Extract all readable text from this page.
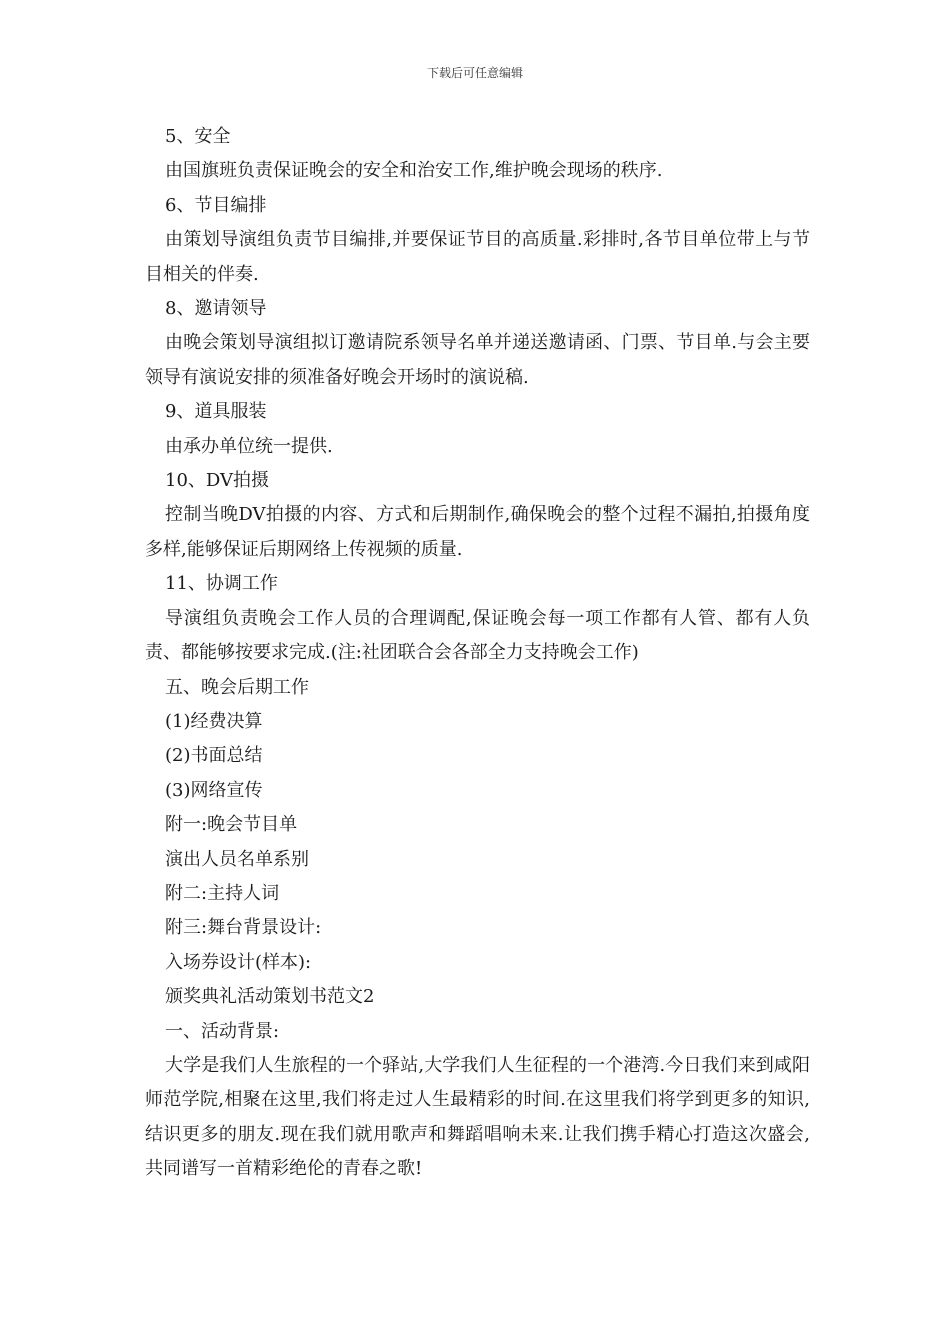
下载后可任意编辑

5、安全

由国旗班负责保证晚会的安全和治安工作,维护晚会现场的秩序.

6、节目编排

由策划导演组负责节目编排,并要保证节目的高质量.彩排时,各节目单位带上与节目相关的伴奏.

8、邀请领导

由晚会策划导演组拟订邀请院系领导名单并递送邀请函、门票、节目单.与会主要领导有演说安排的须准备好晚会开场时的演说稿.

9、道具服装

由承办单位统一提供.

10、DV拍摄

控制当晚DV拍摄的内容、方式和后期制作,确保晚会的整个过程不漏拍,拍摄角度多样,能够保证后期网络上传视频的质量.

11、协调工作

导演组负责晚会工作人员的合理调配,保证晚会每一项工作都有人管、都有人负责、都能够按要求完成.(注:社团联合会各部全力支持晚会工作)

五、晚会后期工作

(1)经费决算

(2)书面总结

(3)网络宣传

附一:晚会节目单

演出人员名单系别

附二:主持人词

附三:舞台背景设计:

入场券设计(样本):

颁奖典礼活动策划书范文2

一、活动背景:

大学是我们人生旅程的一个驿站,大学我们人生征程的一个港湾.今日我们来到咸阳师范学院,相聚在这里,我们将走过人生最精彩的时间.在这里我们将学到更多的知识,结识更多的朋友.现在我们就用歌声和舞蹈唱响未来.让我们携手精心打造这次盛会,共同谱写一首精彩绝伦的青春之歌!
